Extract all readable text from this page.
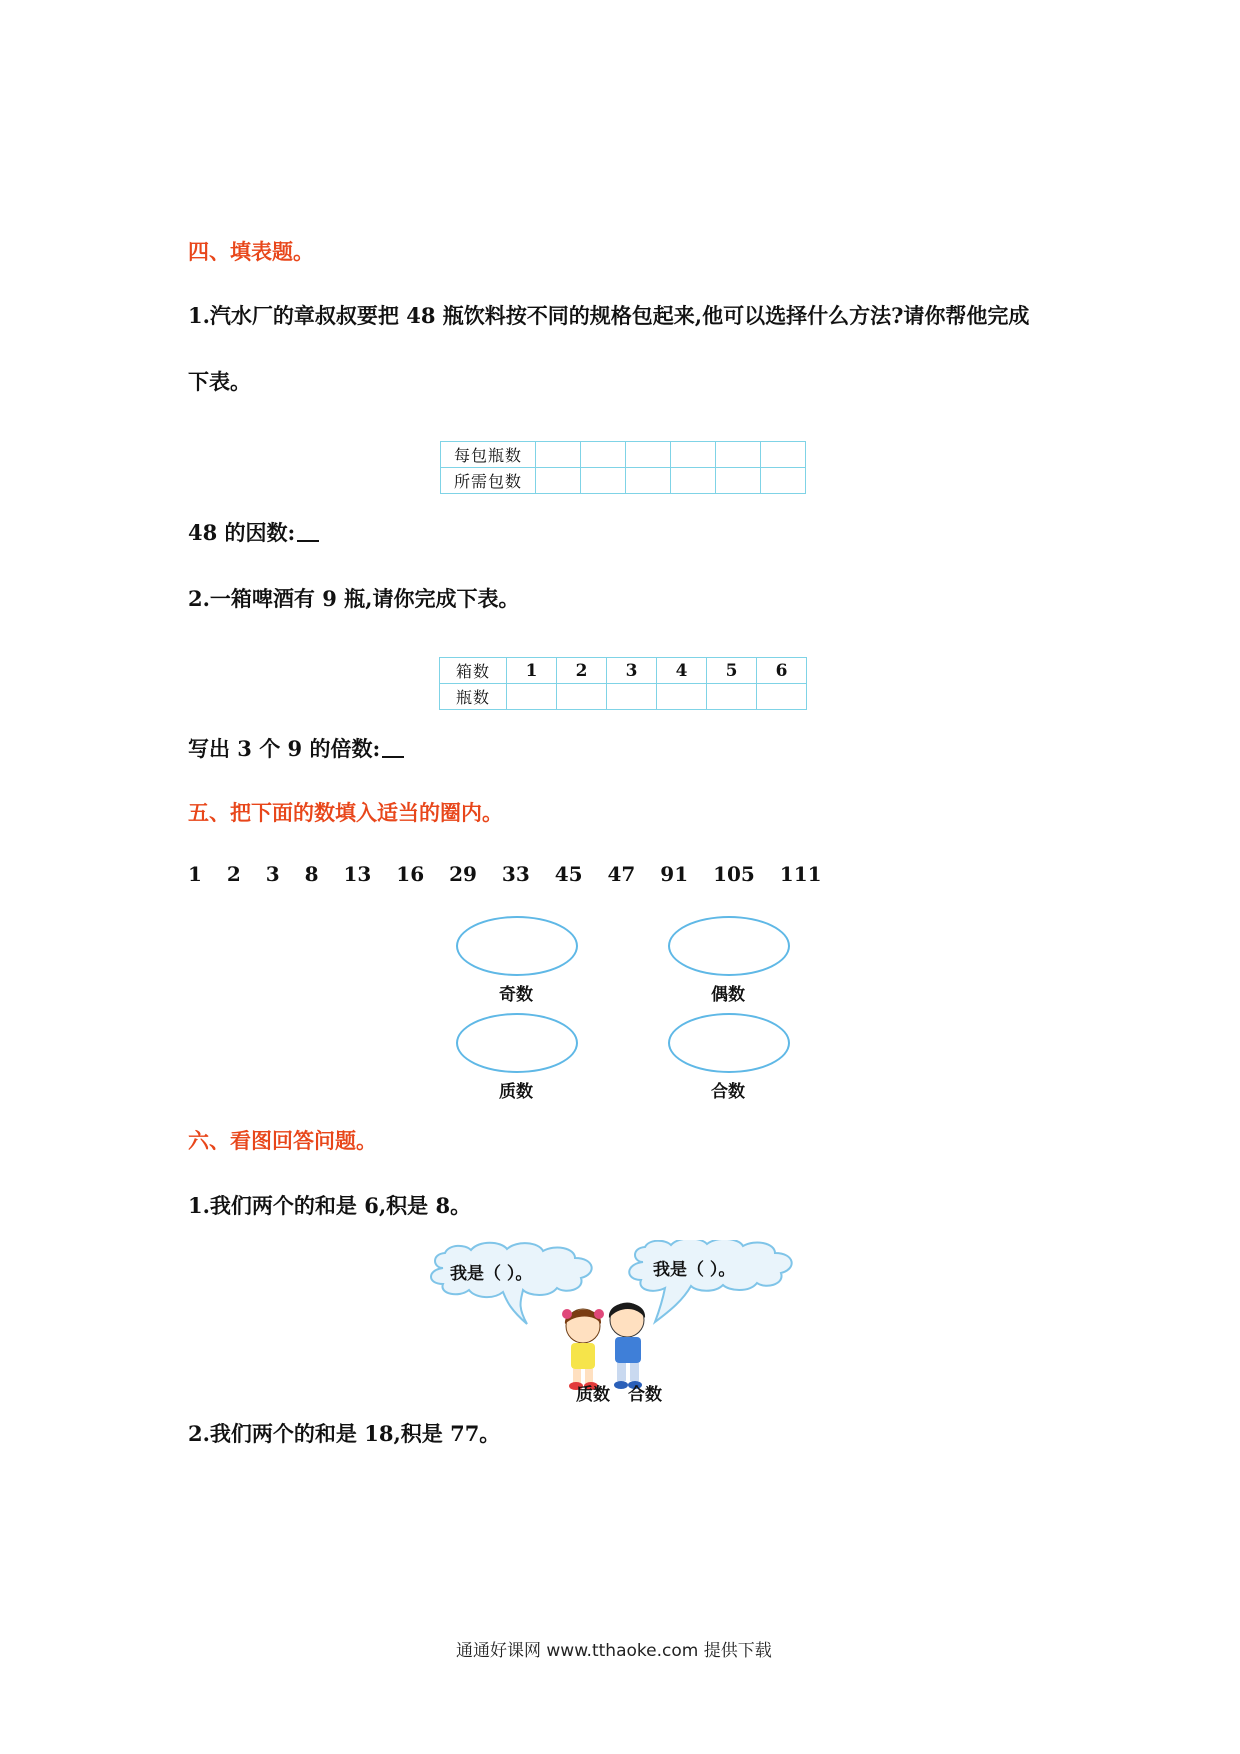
四、填表题。
1.汽水厂的章叔叔要把 48 瓶饮料按不同的规格包起来,他可以选择什么方法?请你帮他完成
下表。
每包瓶数						
所需包数						
48 的因数:
2.一箱啤酒有 9 瓶,请你完成下表。
箱数	1	2	3	4	5	6
瓶数						
写出 3 个 9 的倍数:
五、把下面的数填入适当的圈内。
1 2 3 8 13 16 29 33 45 47 91 105 111
奇数	偶数
质数	合数
六、看图回答问题。
1.我们两个的和是 6,积是 8。
我是（ ）。	我是（ ）。
质数 合数
2.我们两个的和是 18,积是 77。
通通好课网 www.tthaoke.com 提供下载
